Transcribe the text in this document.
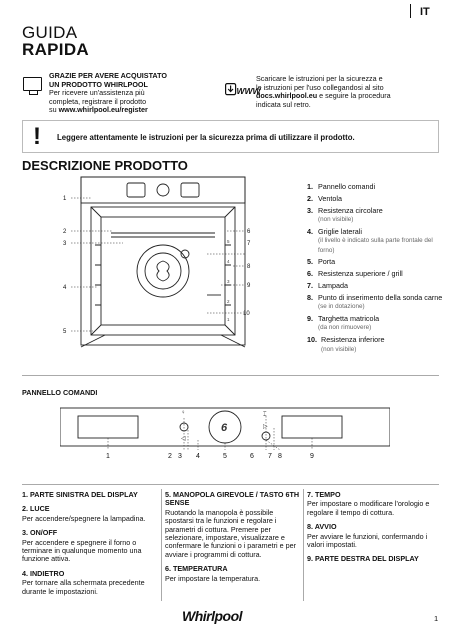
GUIDA
RAPIDA
IT
GRAZIE PER AVERE ACQUISTATO
UN PRODOTTO WHIRLPOOL
Per ricevere un'assistenza più
completa, registrare il prodotto
su www.whirlpool.eu/register
WWW
Scaricare le istruzioni per la sicurezza e
le istruzioni per l'uso collegandosi al sito
docs.whirlpool.eu e seguire la procedura
indicata sul retro.
! Leggere attentamente le istruzioni per la sicurezza prima di utilizzare il prodotto.
DESCRIZIONE PRODOTTO
1
2
3
4
5
6
7
8
9
10
5
4
3
2
1
1. Pannello comandi
2. Ventola
3. Resistenza circolare
(non visibile)
4. Griglie laterali
(il livello è indicato sulla parte frontale del forno)
5. Porta
6. Resistenza superiore / grill
7. Lampada
8. Punto di inserimento della sonda carne (se in dotazione)
9. Targhetta matricola
(da non rimuovere)
10. Resistenza inferiore
(non visibile)
PANNELLO COMANDI
♀
◁
⌶
▷
6
1	2 3 4	5	6 7 8	9
1. PARTE SINISTRA DEL DISPLAY
2. LUCE
Per accendere/spegnere la lampadina.
3. ON/OFF
Per accendere e spegnere il forno o terminare in qualunque momento una funzione attiva.
4. INDIETRO
Per tornare alla schermata precedente durante le impostazioni.
5. MANOPOLA GIREVOLE / TASTO 6TH SENSE
Ruotando la manopola è possibile spostarsi tra le funzioni e regolare i parametri di cottura. Premere per selezionare, impostare, visualizzare e confermare le funzioni o i parametri e per avviare i programmi di cottura.
6. TEMPERATURA
Per impostare la temperatura.
7. TEMPO
Per impostare o modificare l'orologio e regolare il tempo di cottura.
8. AVVIO
Per avviare le funzioni, confermando i valori impostati.
9. PARTE DESTRA DEL DISPLAY
Whirlpool	1
